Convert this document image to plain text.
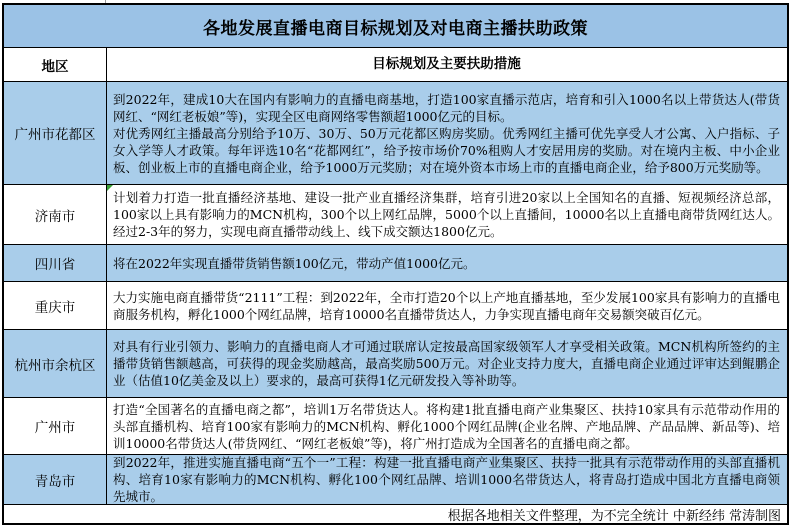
各地发展直播电商目标规划及对电商主播扶助政策
地区	目标规划及主要扶助措施

广州市花都区

到2022年，建成10大在国内有影响力的直播电商基地，打造100家直播示范店，培育和引入1000名以上带货达人(带货网红、“网红老板娘”等)，实现全区电商网络零售额超1000亿元的目标。

对优秀网红主播最高分别给予10万、30万、50万元花都区购房奖励。优秀网红主播可优先享受人才公寓、入户指标、子女入学等人才政策。每年评选10名“花都网红”，给予按市场价70%租购人才安居用房的奖励。对在境内主板、中小企业板、创业板上市的直播电商企业，给予1000万元奖励；对在境外资本市场上市的直播电商企业，给予800万元奖励等。

济南市

计划着力打造一批直播经济基地、建设一批产业直播经济集群，培育引进20家以上全国知名的直播、短视频经济总部，100家以上具有影响力的MCN机构，300个以上网红品牌，5000个以上直播间，10000名以上直播电商带货网红达人。经过2-3年的努力，实现电商直播带动线上、线下成交额达1800亿元。

四川省	将在2022年实现直播带货销售额100亿元，带动产值1000亿元。

重庆市

大力实施电商直播带货“2111”工程：到2022年，全市打造20个以上产地直播基地，至少发展100家具有影响力的直播电商服务机构，孵化1000个网红品牌，培育10000名直播带货达人，力争实现直播电商年交易额突破百亿元。

杭州市余杭区

对具有行业引领力、影响力的直播电商人才可通过联席认定按最高国家级领军人才享受相关政策。MCN机构所签约的主播带货销售额越高，可获得的现金奖励越高，最高奖励500万元。对企业支持力度大，直播电商企业通过评审达到鲲鹏企业（估值10亿美金及以上）要求的，最高可获得1亿元研发投入等补助等。

广州市

打造“全国著名的直播电商之都”，培训1万名带货达人。将构建1批直播电商产业集聚区、扶持10家具有示范带动作用的头部直播机构、培育100家有影响力的MCN机构、孵化1000个网红品牌(企业名牌、产地品牌、产品品牌、新品等)、培训10000名带货达人(带货网红、“网红老板娘”等)，将广州打造成为全国著名的直播电商之都。

青岛市

到2022年，推进实施直播电商“五个一”工程：构建一批直播电商产业集聚区、扶持一批具有示范带动作用的头部直播机构、培育10家有影响力的MCN机构、孵化100个网红品牌、培训1000名带货达人，将青岛打造成中国北方直播电商领先城市。

根据各地相关文件整理，为不完全统计 中新经纬 常涛制图
